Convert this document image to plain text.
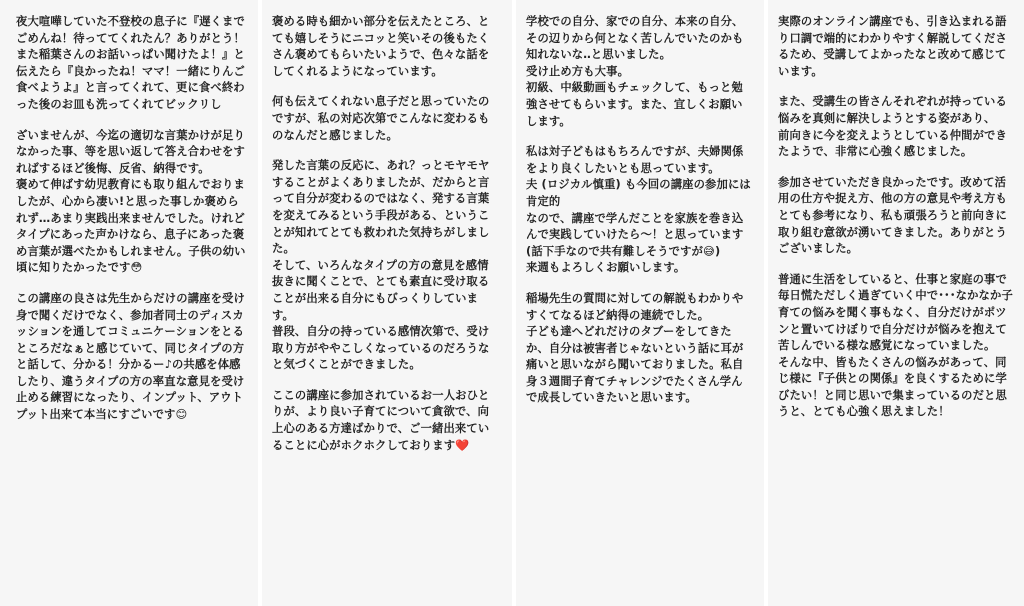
夜大喧嘩していた不登校の息子に『遅くまでごめんね！待っててくれたん？ありがとう！また稲葉さんのお話いっぱい聞けたよ！』と伝えたら『良かったね！ママ！一緒にりんご食べようよ』と言ってくれて、更に食べ終わった後のお皿も洗ってくれてビックリし

ざいませんが、今迄の適切な言葉かけが足りなかった事、等を思い返して答え合わせをすればするほど後悔、反省、納得です。
褒めて伸ばす幼児教育にも取り組んでおりましたが、心から凄い!と思った事しか褒められず…あまり実践出来ませんでした。けれどタイプにあった声かけなら、息子にあった褒め言葉が選べたかもしれません。子供の幼い頃に知りたかったです😳

この講座の良さは先生からだけの講座を受け身で聞くだけでなく、参加者同士のディスカッションを通してコミュニケーションをとるところだなぁと感じていて、同じタイプの方と話して、分かる！分かるー♪の共感を体感したり、違うタイプの方の率直な意見を受け止める練習になったり、インプット、アウトプット出来て本当にすごいです😊

褒める時も細かい部分を伝えたところ、とても嬉しそうにニコッと笑いその後もたくさん褒めてもらいたいようで、色々な話をしてくれるようになっています。

何も伝えてくれない息子だと思っていたのですが、私の対応次第でこんなに変わるものなんだと感じました。

発した言葉の反応に、あれ？っとモヤモヤすることがよくありましたが、だからと言って自分が変わるのではなく、発する言葉を変えてみるという手段がある、ということが知れてとても救われた気持ちがしました。
そして、いろんなタイプの方の意見を感情抜きに聞くことで、とても素直に受け取ることが出来る自分にもびっくりしています。
普段、自分の持っている感情次第で、受け取り方がややこしくなっているのだろうなと気づくことができました。

ここの講座に参加されているお一人おひとりが、より良い子育てについて貪欲で、向上心のある方達ばかりで、ご一緒出来ていることに心がホクホクしております❤️

学校での自分、家での自分、本来の自分、その辺りから何となく苦しんでいたのかも知れないな‥と思いました。
受け止め方も大事。
初級、中級動画もチェックして、もっと勉強させてもらいます。また、宜しくお願いします。

私は対子どもはもちろんですが、夫婦関係をより良くしたいとも思っています。
夫 (ロジカル慎重) も今回の講座の参加には肯定的
なので、講座で学んだことを家族を巻き込んで実践していけたら〜！と思っています (話下手なので共有難しそうですが😅)
来週もよろしくお願いします。

稲場先生の質問に対しての解説もわかりやすくてなるほど納得の連続でした。
子ども達へどれだけのタブーをしてきたか、自分は被害者じゃないという話に耳が痛いと思いながら聞いておりました。私自身３週間子育てチャレンジでたくさん学んで成長していきたいと思います。

実際のオンライン講座でも、引き込まれる語り口調で端的にわかりやすく解説してくださるため、受講してよかったなと改めて感じています。

また、受講生の皆さんそれぞれが持っている悩みを真剣に解決しようとする姿があり、
前向きに今を変えようとしている仲間ができたようで、非常に心強く感じました。

参加させていただき良かったです。改めて活用の仕方や捉え方、他の方の意見や考え方もとても参考になり、私も頑張ろうと前向きに取り組む意欲が湧いてきました。ありがとうございました。

普通に生活をしていると、仕事と家庭の事で毎日慌ただしく過ぎていく中で･･･なかなか子育ての悩みを聞く事もなく、自分だけがポツンと置いてけぼりで自分だけが悩みを抱えて苦しんでいる様な感覚になっていました。
そんな中、皆もたくさんの悩みがあって、同じ様に『子供との関係』を良くするために学びたい！と同じ思いで集まっているのだと思うと、とても心強く思えました！
